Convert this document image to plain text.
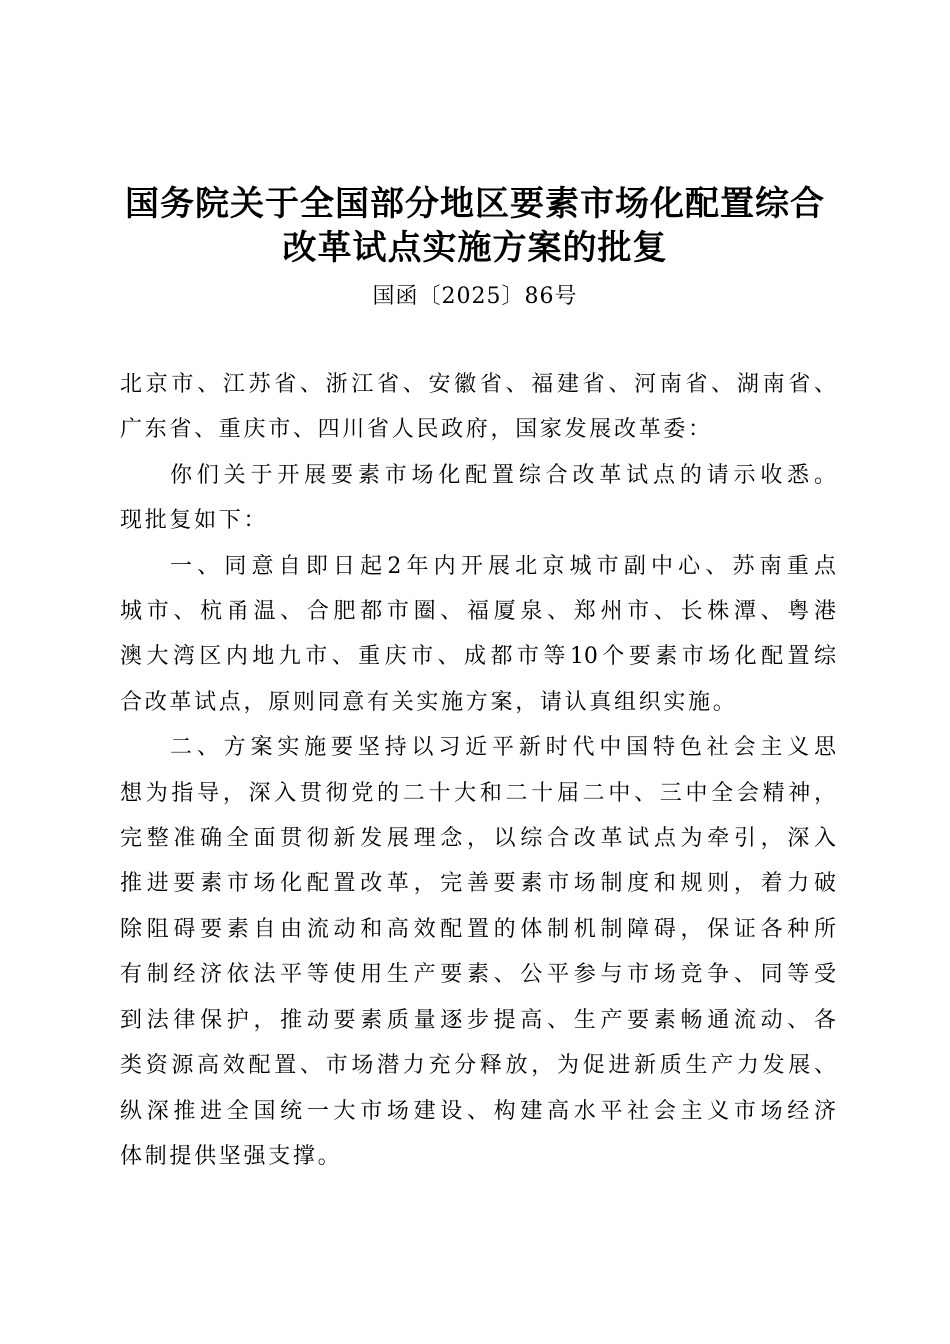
国务院关于全国部分地区要素市场化配置综合
改革试点实施方案的批复
国函〔2025〕86号
北京市、江苏省、浙江省、安徽省、福建省、河南省、湖南省、
广东省、重庆市、四川省人民政府，国家发展改革委：
你们关于开展要素市场化配置综合改革试点的请示收悉。
现批复如下：
一、同意自即日起2年内开展北京城市副中心、苏南重点
城市、杭甬温、合肥都市圈、福厦泉、郑州市、长株潭、粤港
澳大湾区内地九市、重庆市、成都市等10个要素市场化配置综
合改革试点，原则同意有关实施方案，请认真组织实施。
二、方案实施要坚持以习近平新时代中国特色社会主义思
想为指导，深入贯彻党的二十大和二十届二中、三中全会精神，
完整准确全面贯彻新发展理念，以综合改革试点为牵引，深入
推进要素市场化配置改革，完善要素市场制度和规则，着力破
除阻碍要素自由流动和高效配置的体制机制障碍，保证各种所
有制经济依法平等使用生产要素、公平参与市场竞争、同等受
到法律保护，推动要素质量逐步提高、生产要素畅通流动、各
类资源高效配置、市场潜力充分释放，为促进新质生产力发展、
纵深推进全国统一大市场建设、构建高水平社会主义市场经济
体制提供坚强支撑。
